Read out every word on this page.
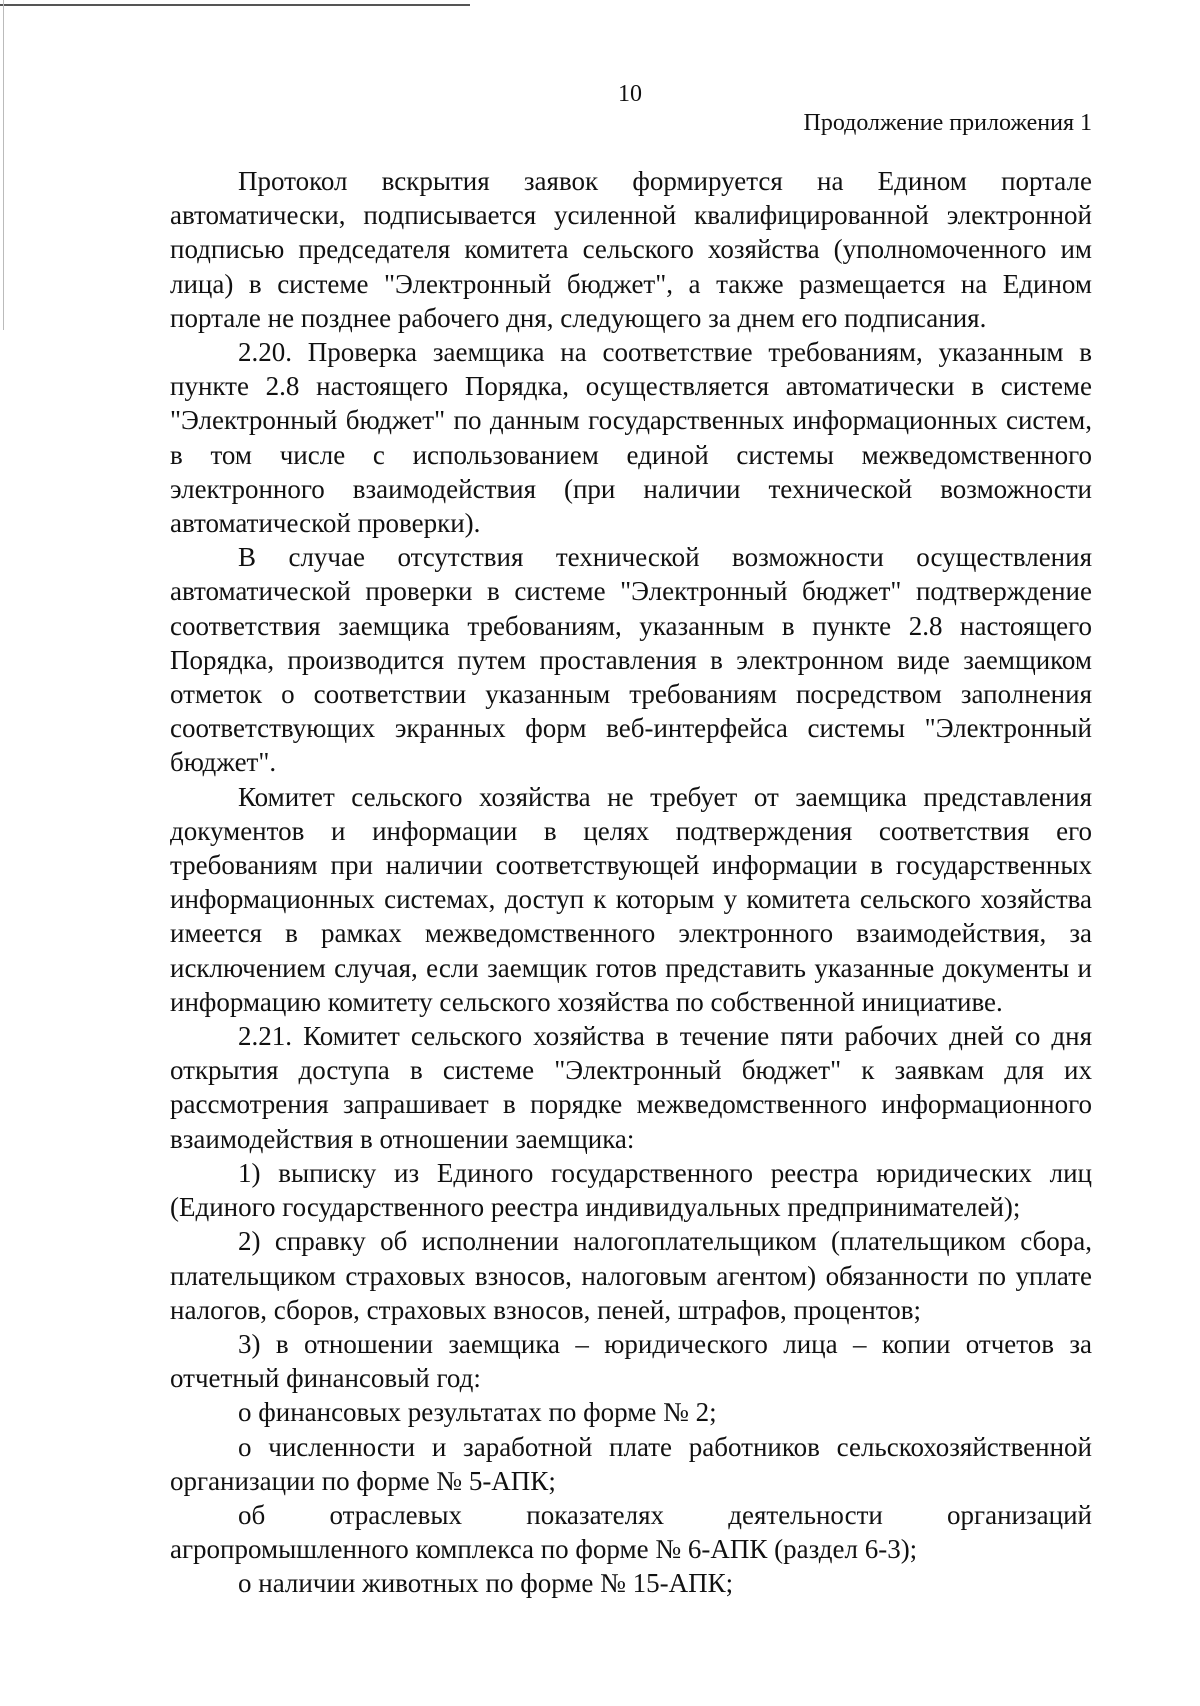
10
Продолжение приложения 1

Протокол вскрытия заявок формируется на Едином портале автоматически, подписывается усиленной квалифицированной электронной подписью председателя комитета сельского хозяйства (уполномоченного им лица) в системе "Электронный бюджет", а также размещается на Едином портале не позднее рабочего дня, следующего за днем его подписания.

2.20. Проверка заемщика на соответствие требованиям, указанным в пункте 2.8 настоящего Порядка, осуществляется автоматически в системе "Электронный бюджет" по данным государственных информационных систем, в том числе с использованием единой системы межведомственного электронного взаимодействия (при наличии технической возможности автоматической проверки).

В случае отсутствия технической возможности осуществления автоматической проверки в системе "Электронный бюджет" подтверждение соответствия заемщика требованиям, указанным в пункте 2.8 настоящего Порядка, производится путем проставления в электронном виде заемщиком отметок о соответствии указанным требованиям посредством заполнения соответствующих экранных форм веб-интерфейса системы "Электронный бюджет".

Комитет сельского хозяйства не требует от заемщика представления документов и информации в целях подтверждения соответствия его требованиям при наличии соответствующей информации в государственных информационных системах, доступ к которым у комитета сельского хозяйства имеется в рамках межведомственного электронного взаимодействия, за исключением случая, если заемщик готов представить указанные документы и информацию комитету сельского хозяйства по собственной инициативе.

2.21. Комитет сельского хозяйства в течение пяти рабочих дней со дня открытия доступа в системе "Электронный бюджет" к заявкам для их рассмотрения запрашивает в порядке межведомственного информационного взаимодействия в отношении заемщика:

1) выписку из Единого государственного реестра юридических лиц (Единого государственного реестра индивидуальных предпринимателей);

2) справку об исполнении налогоплательщиком (плательщиком сбора, плательщиком страховых взносов, налоговым агентом) обязанности по уплате налогов, сборов, страховых взносов, пеней, штрафов, процентов;

3) в отношении заемщика – юридического лица – копии отчетов за отчетный финансовый год:

о финансовых результатах по форме № 2;

о численности и заработной плате работников сельскохозяйственной организации по форме № 5-АПК;

об отраслевых показателях деятельности организаций агропромышленного комплекса по форме № 6-АПК (раздел 6-3);

о наличии животных по форме № 15-АПК;
